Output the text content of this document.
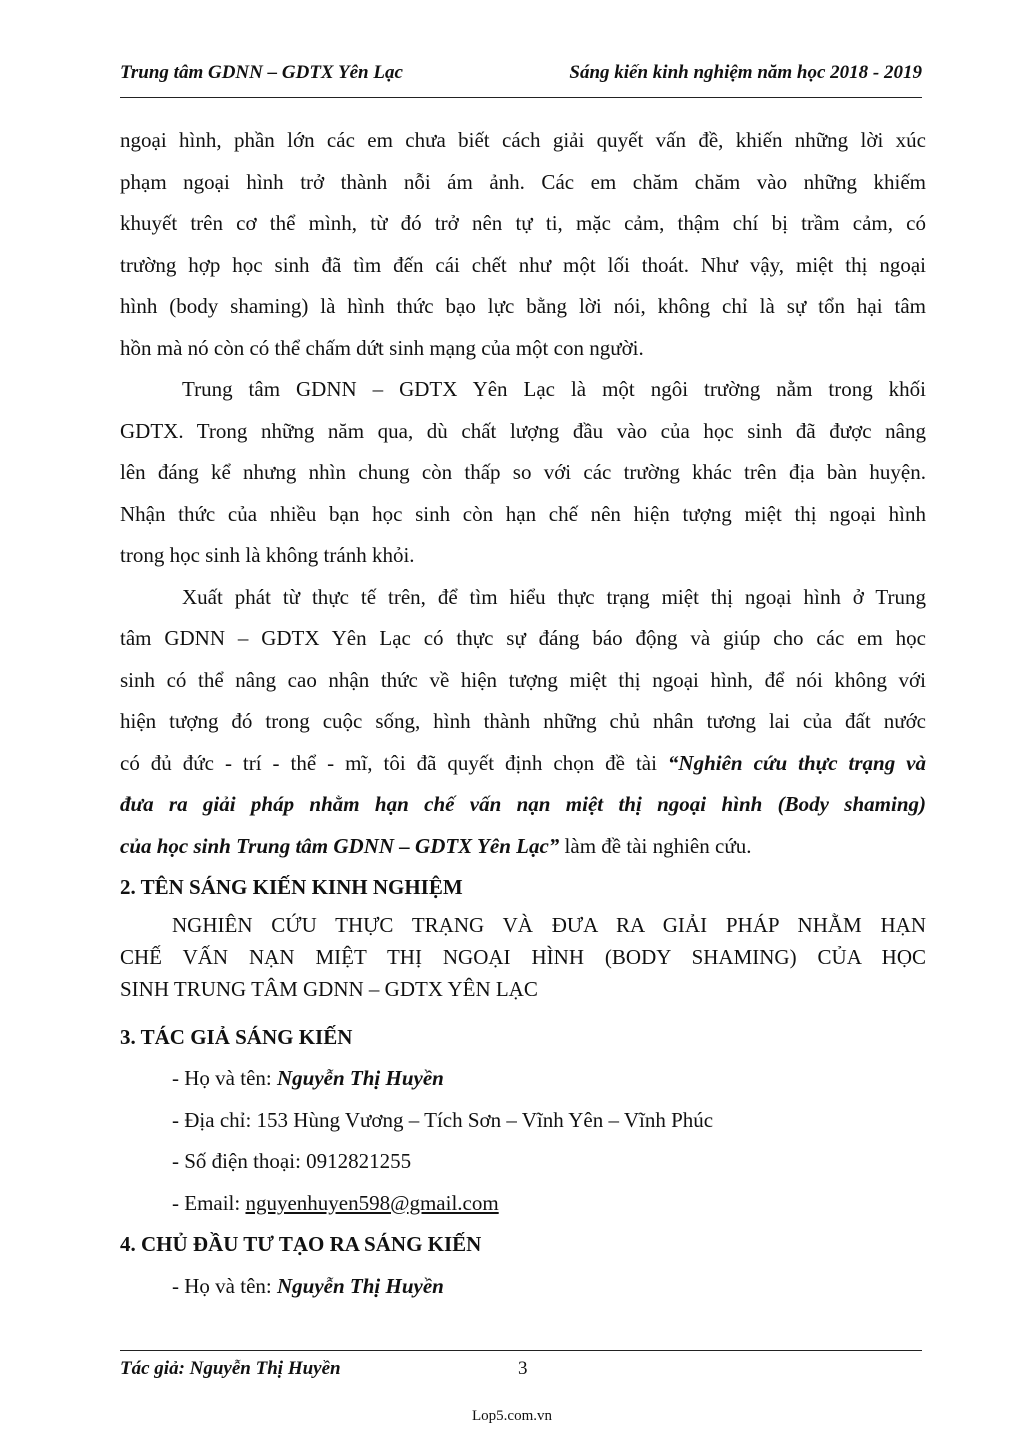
Trung tâm GDNN – GDTX Yên Lạc	Sáng kiến kinh nghiệm năm học 2018 - 2019
ngoại hình, phần lớn các em chưa biết cách giải quyết vấn đề, khiến những lời xúc
phạm ngoại hình trở thành nỗi ám ảnh. Các em chăm chăm vào những khiếm
khuyết trên cơ thể mình, từ đó trở nên tự ti, mặc cảm, thậm chí bị trầm cảm, có
trường hợp học sinh đã tìm đến cái chết như một lối thoát. Như vậy, miệt thị ngoại
hình (body shaming) là hình thức bạo lực bằng lời nói, không chỉ là sự tổn hại tâm
hồn mà nó còn có thể chấm dứt sinh mạng của một con người.
Trung tâm GDNN – GDTX Yên Lạc là một ngôi trường nằm trong khối
GDTX. Trong những năm qua, dù chất lượng đầu vào của học sinh đã được nâng
lên đáng kể nhưng nhìn chung còn thấp so với các trường khác trên địa bàn huyện.
Nhận thức của nhiều bạn học sinh còn hạn chế nên hiện tượng miệt thị ngoại hình
trong học sinh là không tránh khỏi.
Xuất phát từ thực tế trên, để tìm hiểu thực trạng miệt thị ngoại hình ở Trung
tâm GDNN – GDTX Yên Lạc có thực sự đáng báo động và giúp cho các em học
sinh có thể nâng cao nhận thức về hiện tượng miệt thị ngoại hình, để nói không với
hiện tượng đó trong cuộc sống, hình thành những chủ nhân tương lai của đất nước
có đủ đức - trí - thể - mĩ, tôi đã quyết định chọn đề tài “Nghiên cứu thực trạng và
đưa ra giải pháp nhằm hạn chế vấn nạn miệt thị ngoại hình (Body shaming)
của học sinh Trung tâm GDNN – GDTX Yên Lạc” làm đề tài nghiên cứu.
2. TÊN SÁNG KIẾN KINH NGHIỆM
NGHIÊN CỨU THỰC TRẠNG VÀ ĐƯA RA GIẢI PHÁP NHẰM HẠN
CHẾ VẤN NẠN MIỆT THỊ NGOẠI HÌNH (BODY SHAMING) CỦA HỌC
SINH TRUNG TÂM GDNN – GDTX YÊN LẠC
3. TÁC GIẢ SÁNG KIẾN
- Họ và tên: Nguyễn Thị Huyền
- Địa chỉ: 153 Hùng Vương – Tích Sơn – Vĩnh Yên – Vĩnh Phúc
- Số điện thoại: 0912821255
- Email: nguyenhuyen598@gmail.com
4. CHỦ ĐẦU TƯ TẠO RA SÁNG KIẾN
- Họ và tên: Nguyễn Thị Huyền
Tác giả: Nguyễn Thị Huyền	3
Lop5.com.vn
